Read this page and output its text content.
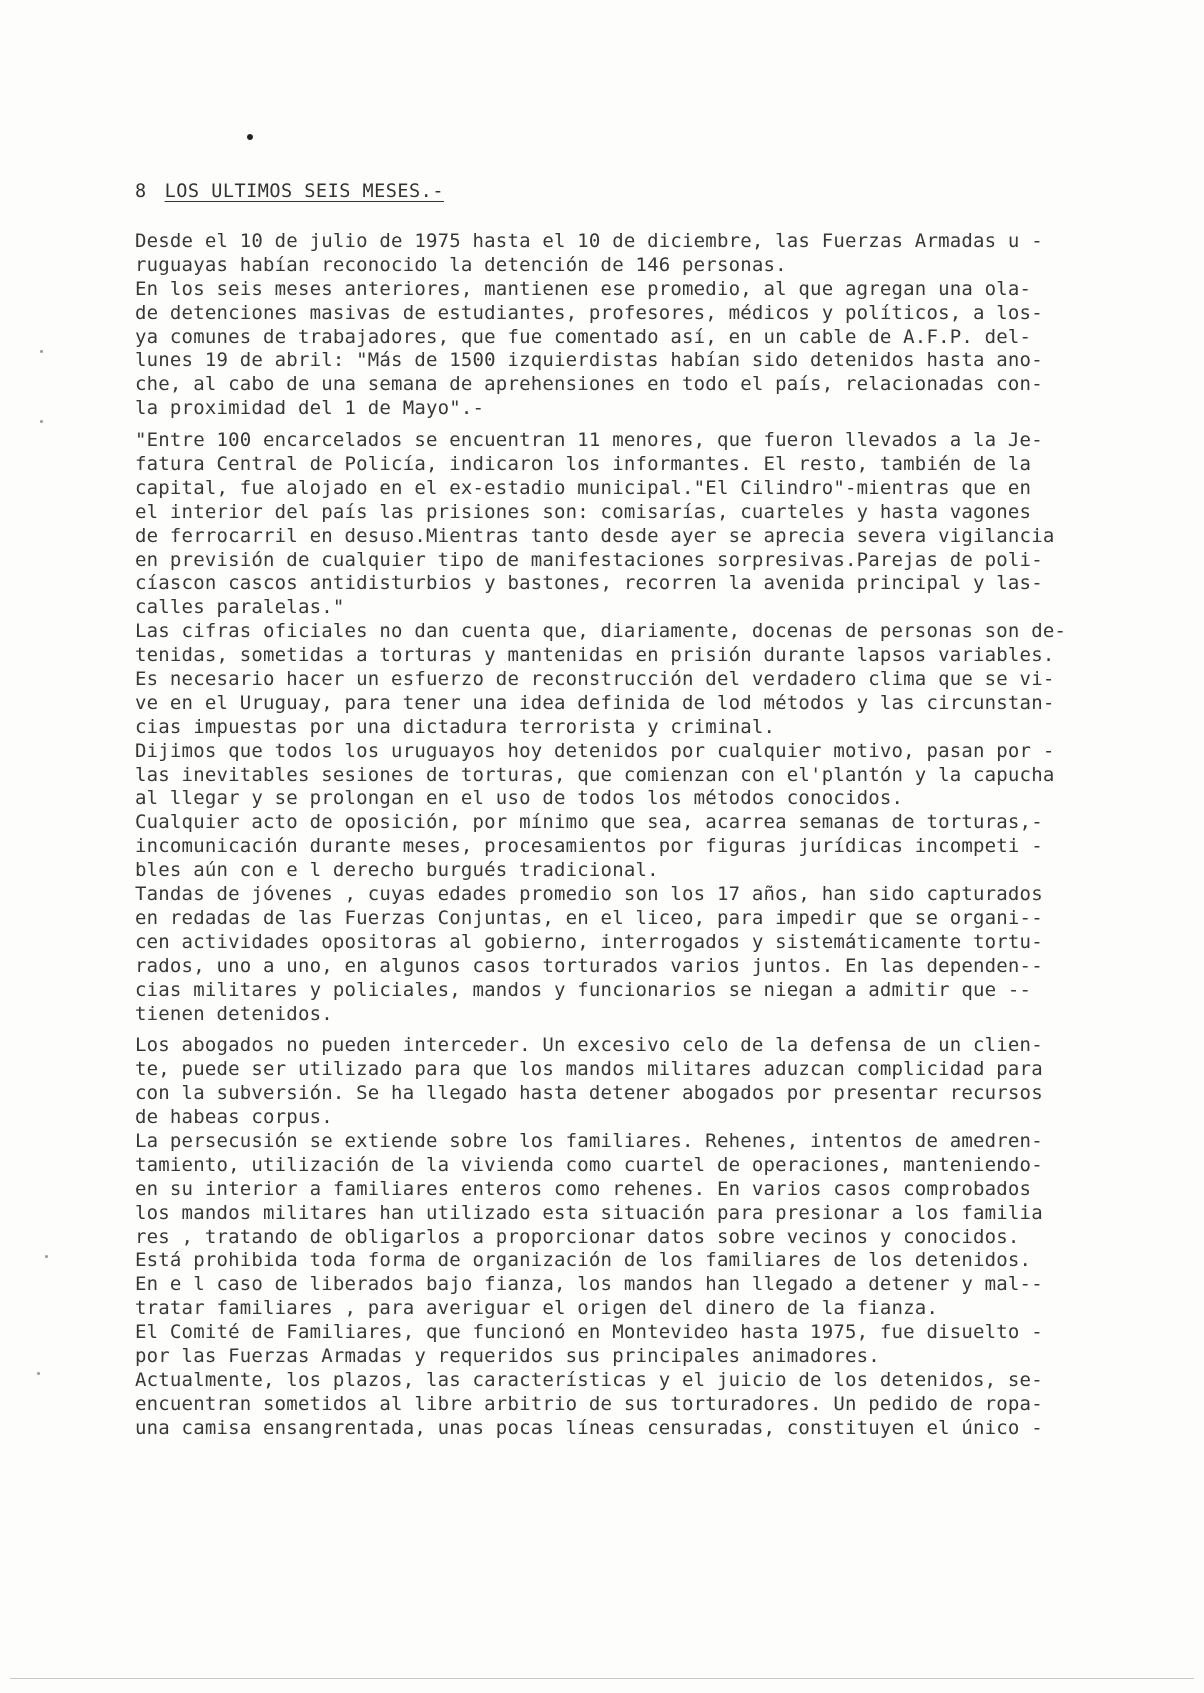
8 LOS ULTIMOS SEIS MESES.-
Desde el 10 de julio de 1975 hasta el 10 de diciembre, las Fuerzas Armadas u -
ruguayas habían reconocido la detención de 146 personas.
En los seis meses anteriores, mantienen ese promedio, al que agregan una ola-
de detenciones masivas de estudiantes, profesores, médicos y políticos, a los-
ya comunes de trabajadores, que fue comentado así, en un cable de A.F.P. del-
lunes 19 de abril: "Más de 1500 izquierdistas habían sido detenidos hasta ano-
che, al cabo de una semana de aprehensiones en todo el país, relacionadas con-
la proximidad del 1 de Mayo".-
"Entre 100 encarcelados se encuentran 11 menores, que fueron llevados a la Je-
fatura Central de Policía, indicaron los informantes. El resto, también de la
capital, fue alojado en el ex-estadio municipal."El Cilindro"-mientras que en
el interior del país las prisiones son: comisarías, cuarteles y hasta vagones
de ferrocarril en desuso.Mientras tanto desde ayer se aprecia severa vigilancia
en previsión de cualquier tipo de manifestaciones sorpresivas.Parejas de poli-
cíascon cascos antidisturbios y bastones, recorren la avenida principal y las-
calles paralelas."
Las cifras oficiales no dan cuenta que, diariamente, docenas de personas son de-
tenidas, sometidas a torturas y mantenidas en prisión durante lapsos variables.
Es necesario hacer un esfuerzo de reconstrucción del verdadero clima que se vi-
ve en el Uruguay, para tener una idea definida de lod métodos y las circunstan-
cias impuestas por una dictadura terrorista y criminal.
Dijimos que todos los uruguayos hoy detenidos por cualquier motivo, pasan por -
las inevitables sesiones de torturas, que comienzan con el'plantón y la capucha
al llegar y se prolongan en el uso de todos los métodos conocidos.
Cualquier acto de oposición, por mínimo que sea, acarrea semanas de torturas,-
incomunicación durante meses, procesamientos por figuras jurídicas incompeti -
bles aún con e l derecho burgués tradicional.
Tandas de jóvenes , cuyas edades promedio son los 17 años, han sido capturados
en redadas de las Fuerzas Conjuntas, en el liceo, para impedir que se organi--
cen actividades opositoras al gobierno, interrogados y sistemáticamente tortu-
rados, uno a uno, en algunos casos torturados varios juntos. En las dependen--
cias militares y policiales, mandos y funcionarios se niegan a admitir que --
tienen detenidos.
Los abogados no pueden interceder. Un excesivo celo de la defensa de un clien-
te, puede ser utilizado para que los mandos militares aduzcan complicidad para
con la subversión. Se ha llegado hasta detener abogados por presentar recursos
de habeas corpus.
La persecusión se extiende sobre los familiares. Rehenes, intentos de amedren-
tamiento, utilización de la vivienda como cuartel de operaciones, manteniendo-
en su interior a familiares enteros como rehenes. En varios casos comprobados
los mandos militares han utilizado esta situación para presionar a los familia
res , tratando de obligarlos a proporcionar datos sobre vecinos y conocidos.
Está prohibida toda forma de organización de los familiares de los detenidos.
En e l caso de liberados bajo fianza, los mandos han llegado a detener y mal--
tratar familiares , para averiguar el origen del dinero de la fianza.
El Comité de Familiares, que funcionó en Montevideo hasta 1975, fue disuelto -
por las Fuerzas Armadas y requeridos sus principales animadores.
Actualmente, los plazos, las características y el juicio de los detenidos, se-
encuentran sometidos al libre arbitrio de sus torturadores. Un pedido de ropa-
una camisa ensangrentada, unas pocas líneas censuradas, constituyen el único -
